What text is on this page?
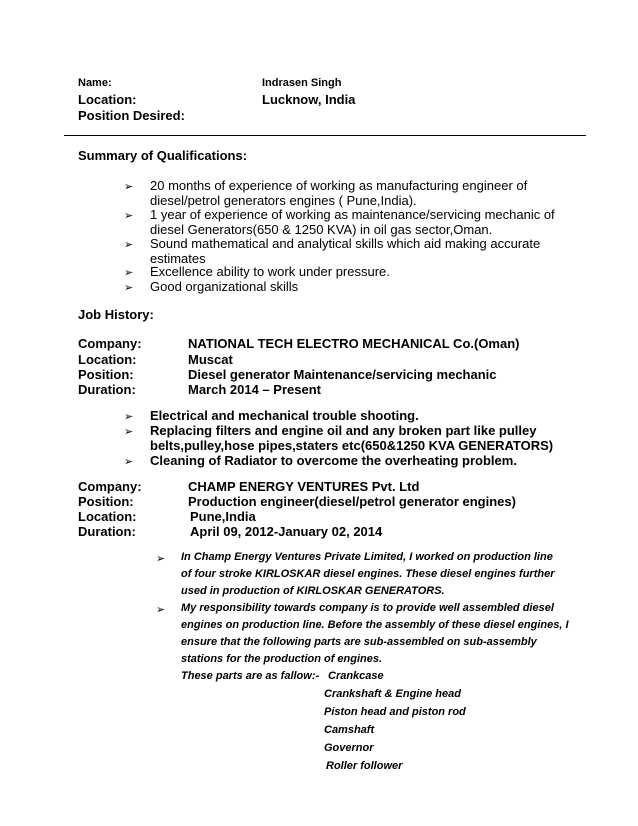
Name:	Indrasen Singh
Location:	Lucknow, India
Position Desired:
Summary of Qualifications:
➢ 20 months of experience of working as manufacturing engineer of
diesel/petrol generators engines ( Pune,India).
➢ 1 year of experience of working as maintenance/servicing mechanic of
diesel Generators(650 & 1250 KVA) in oil gas sector,Oman.
➢ Sound mathematical and analytical skills which aid making accurate
estimates
➢ Excellence ability to work under pressure.
➢ Good organizational skills
Job History:
Company:	NATIONAL TECH ELECTRO MECHANICAL Co.(Oman)
Location:	Muscat
Position:	Diesel generator Maintenance/servicing mechanic
Duration:	March 2014 – Present
➢ Electrical and mechanical trouble shooting.
➢ Replacing filters and engine oil and any broken part like pulley
belts,pulley,hose pipes,staters etc(650&1250 KVA GENERATORS)
➢ Cleaning of Radiator to overcome the overheating problem.
Company:	CHAMP ENERGY VENTURES Pvt. Ltd
Position:	Production engineer(diesel/petrol generator engines)
Location:	Pune,India
Duration:	April 09, 2012-January 02, 2014
➢ In Champ Energy Ventures Private Limited, I worked on production line
of four stroke KIRLOSKAR diesel engines. These diesel engines further
used in production of KIRLOSKAR GENERATORS.
➢ My responsibility towards company is to provide well assembled diesel
engines on production line. Before the assembly of these diesel engines, I
ensure that the following parts are sub-assembled on sub-assembly
stations for the production of engines.
These parts are as fallow:- Crankcase
Crankshaft & Engine head
Piston head and piston rod
Camshaft
Governor
Roller follower
